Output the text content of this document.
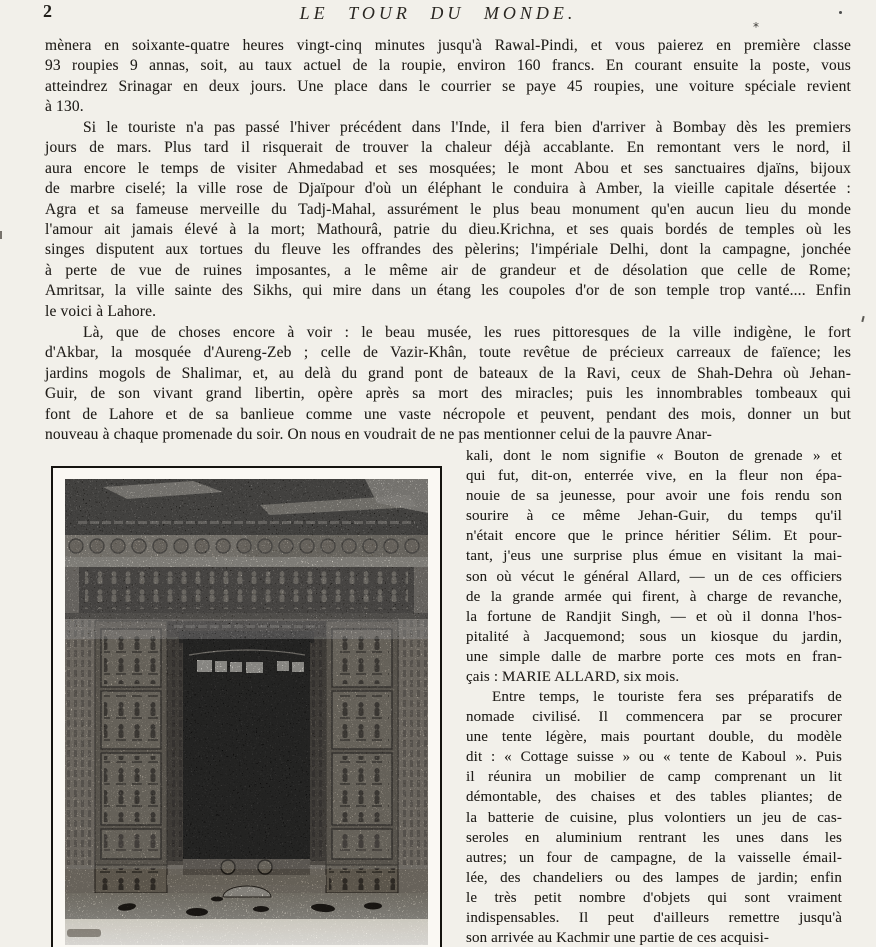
2	LE TOUR DU MONDE.
mènera en soixante-quatre heures vingt-cinq minutes jusqu'à Rawal-Pindi, et vous paierez en première classe
93 roupies 9 annas, soit, au taux actuel de la roupie, environ 160 francs. En courant ensuite la poste, vous
atteindrez Srinagar en deux jours. Une place dans le courrier se paye 45 roupies, une voiture spéciale revient
à 130.
Si le touriste n'a pas passé l'hiver précédent dans l'Inde, il fera bien d'arriver à Bombay dès les premiers
jours de mars. Plus tard il risquerait de trouver la chaleur déjà accablante. En remontant vers le nord, il
aura encore le temps de visiter Ahmedabad et ses mosquées; le mont Abou et ses sanctuaires djaïns, bijoux
de marbre ciselé; la ville rose de Djaïpour d'où un éléphant le conduira à Amber, la vieille capitale désertée :
Agra et sa fameuse merveille du Tadj-Mahal, assurément le plus beau monument qu'en aucun lieu du monde
l'amour ait jamais élevé à la mort; Mathourâ, patrie du dieu.Krichna, et ses quais bordés de temples où les
singes disputent aux tortues du fleuve les offrandes des pèlerins; l'impériale Delhi, dont la campagne, jonchée
à perte de vue de ruines imposantes, a le même air de grandeur et de désolation que celle de Rome;
Amritsar, la ville sainte des Sikhs, qui mire dans un étang les coupoles d'or de son temple trop vanté.... Enfin
le voici à Lahore.
Là, que de choses encore à voir : le beau musée, les rues pittoresques de la ville indigène, le fort
d'Akbar, la mosquée d'Aureng-Zeb ; celle de Vazir-Khân, toute revêtue de précieux carreaux de faïence; les
jardins mogols de Shalimar, et, au delà du grand pont de bateaux de la Ravi, ceux de Shah-Dehra où Jehan-
Guir, de son vivant grand libertin, opère après sa mort des miracles; puis les innombrables tombeaux qui
font de Lahore et de sa banlieue comme une vaste nécropole et peuvent, pendant des mois, donner un but
nouveau à chaque promenade du soir. On nous en voudrait de ne pas mentionner celui de la pauvre Anar-
kali, dont le nom signifie « Bouton de grenade » et
qui fut, dit-on, enterrée vive, en la fleur non épa-
nouie de sa jeunesse, pour avoir une fois rendu son
sourire à ce même Jehan-Guir, du temps qu'il
n'était encore que le prince héritier Sélim. Et pour-
tant, j'eus une surprise plus émue en visitant la mai-
son où vécut le général Allard, — un de ces officiers
de la grande armée qui firent, à charge de revanche,
la fortune de Randjit Singh, — et où il donna l'hos-
pitalité à Jacquemond; sous un kiosque du jardin,
une simple dalle de marbre porte ces mots en fran-
çais : MARIE ALLARD, six mois.
Entre temps, le touriste fera ses préparatifs de
nomade civilisé. Il commencera par se procurer
une tente légère, mais pourtant double, du modèle
dit : « Cottage suisse » ou « tente de Kaboul ». Puis
il réunira un mobilier de camp comprenant un lit
démontable, des chaises et des tables pliantes; de
la batterie de cuisine, plus volontiers un jeu de cas-
seroles en aluminium rentrant les unes dans les
autres; un four de campagne, de la vaisselle émail-
lée, des chandeliers ou des lampes de jardin; enfin
le très petit nombre d'objets qui sont vraiment
indispensables. Il peut d'ailleurs remettre jusqu'à
son arrivée au Kachmir une partie de ces acquisi-
*
